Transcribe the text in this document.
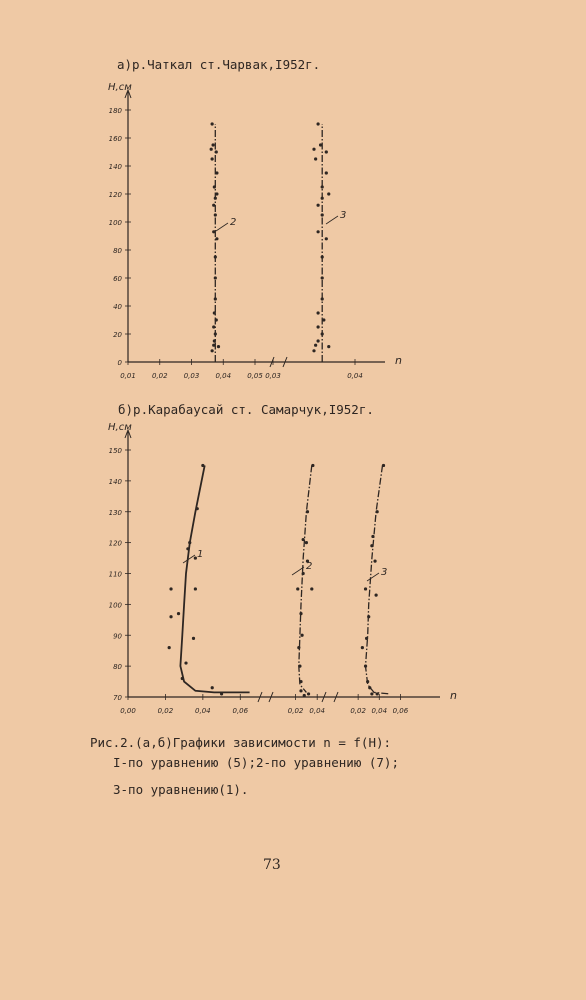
а)р.Чаткал ст.Чарвак,I952г.
H,см
n
0
20
40
60
80
100
120
140
160
180
0,01 0,02 0,03 0,04 0,05
2
0,03	0,04
3
H,см
n
70
80
90
100
110
120
130
140
150
0,00	0,02	0,04	0,06
1
0,02 0,04
2
0,02 0,04 0,06
3
б)р.Карабаусай ст. Самарчук,I952г.
Рис.2.(а,б)Графики зависимости n = f(H):
I-по уравнению (5);2-по уравнению (7);
3-по уравнению(1).
73
